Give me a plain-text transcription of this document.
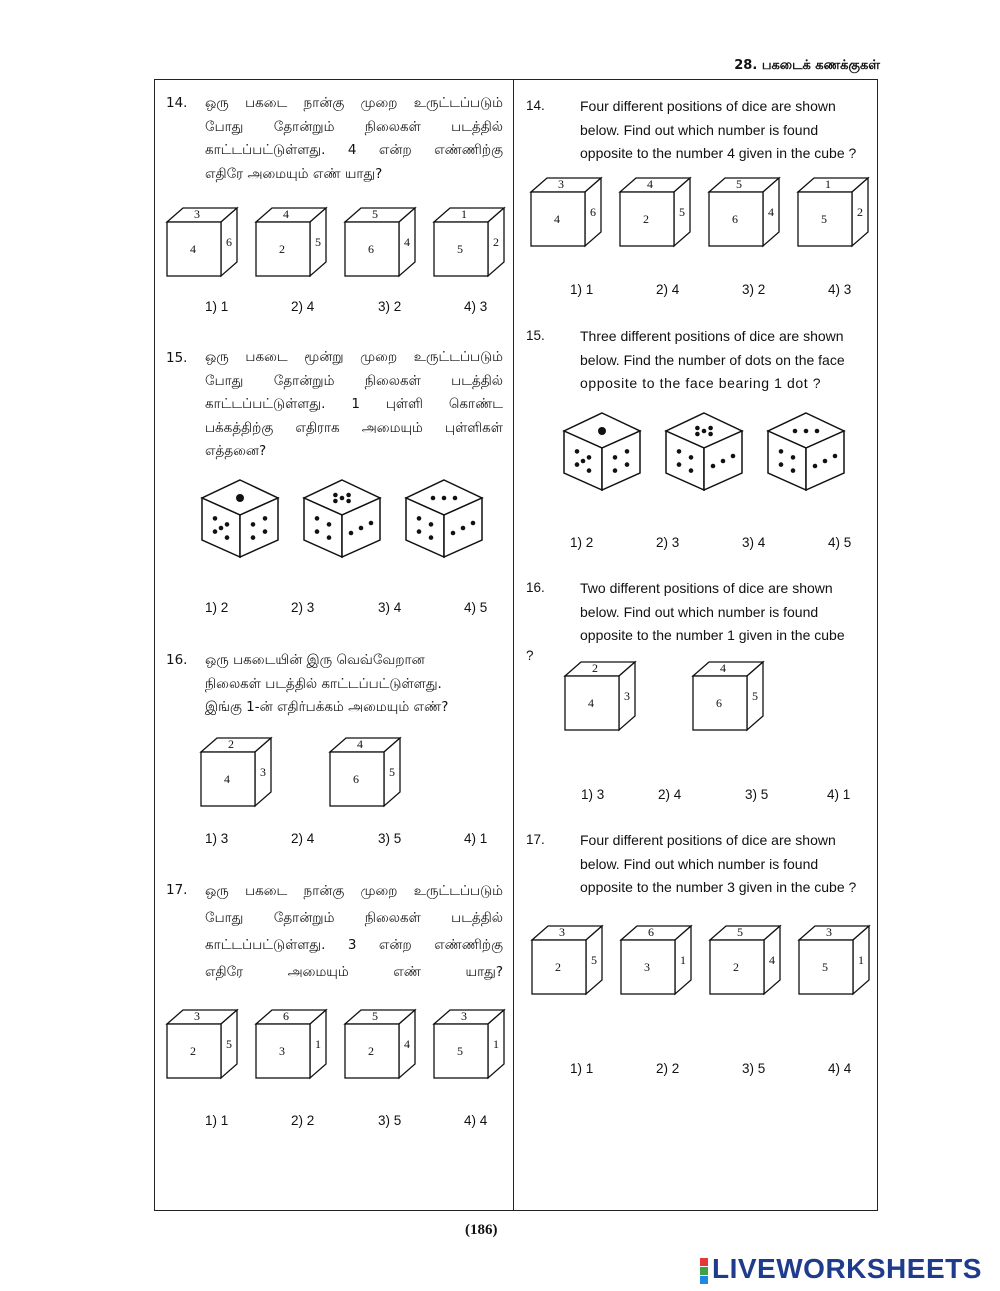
28. பகடைக் கணக்குகள்
14. ஒரு பகடை நான்கு முறை உருட்டப்படும்
போது தோன்றும் நிலைகள் படத்தில்
காட்டப்பட்டுள்ளது. 4 என்ற எண்ணிற்கு
எதிரே அமையும் எண் யாது?
3
4	6
4
2	5
5
6	4
1
5	2
1) 1	2) 4	3) 2	4) 3
15. ஒரு பகடை மூன்று முறை உருட்டப்படும்
போது தோன்றும் நிலைகள் படத்தில்
காட்டப்பட்டுள்ளது. 1 புள்ளி கொண்ட
பக்கத்திற்கு எதிராக அமையும் புள்ளிகள்
எத்தனை?
1) 2	2) 3	3) 4	4) 5
16. ஒரு பகடையின் இரு வெவ்வேறான
நிலைகள் படத்தில் காட்டப்பட்டுள்ளது.
இங்கு 1-ன் எதிர்பக்கம் அமையும் எண்?
2
4	3
4
6	5
1) 3	2) 4	3) 5	4) 1
17. ஒரு பகடை நான்கு முறை உருட்டப்படும்
போது தோன்றும் நிலைகள் படத்தில்
காட்டப்பட்டுள்ளது. 3 என்ற எண்ணிற்கு
எதிரே அமையும் எண் யாது?
3
2	5
6
3	1
5
2	4
3
5	1
1) 1	2) 2	3) 5	4) 4
14.	Four different positions of dice are shown
below. Find out which number is found
opposite to the number 4 given in the cube ?
3
4	6
4
2	5
5
6	4
1
5	2
1) 1	2) 4	3) 2	4) 3
15.	Three different positions of dice are shown
below. Find the number of dots on the face
opposite to the face bearing 1 dot ?
1) 2	2) 3	3) 4	4) 5
16.	Two different positions of dice are shown
below. Find out which number is found
opposite to the number 1 given in the cube
?
2
4	3
4
6	5
1) 3	2) 4	3) 5	4) 1
17.	Four different positions of dice are shown
below. Find out which number is found
opposite to the number 3 given in the cube ?
3
2	5
6
3	1
5
2	4
3
5	1
1) 1	2) 2	3) 5	4) 4
(186)
LIVEWORKSHEETS
